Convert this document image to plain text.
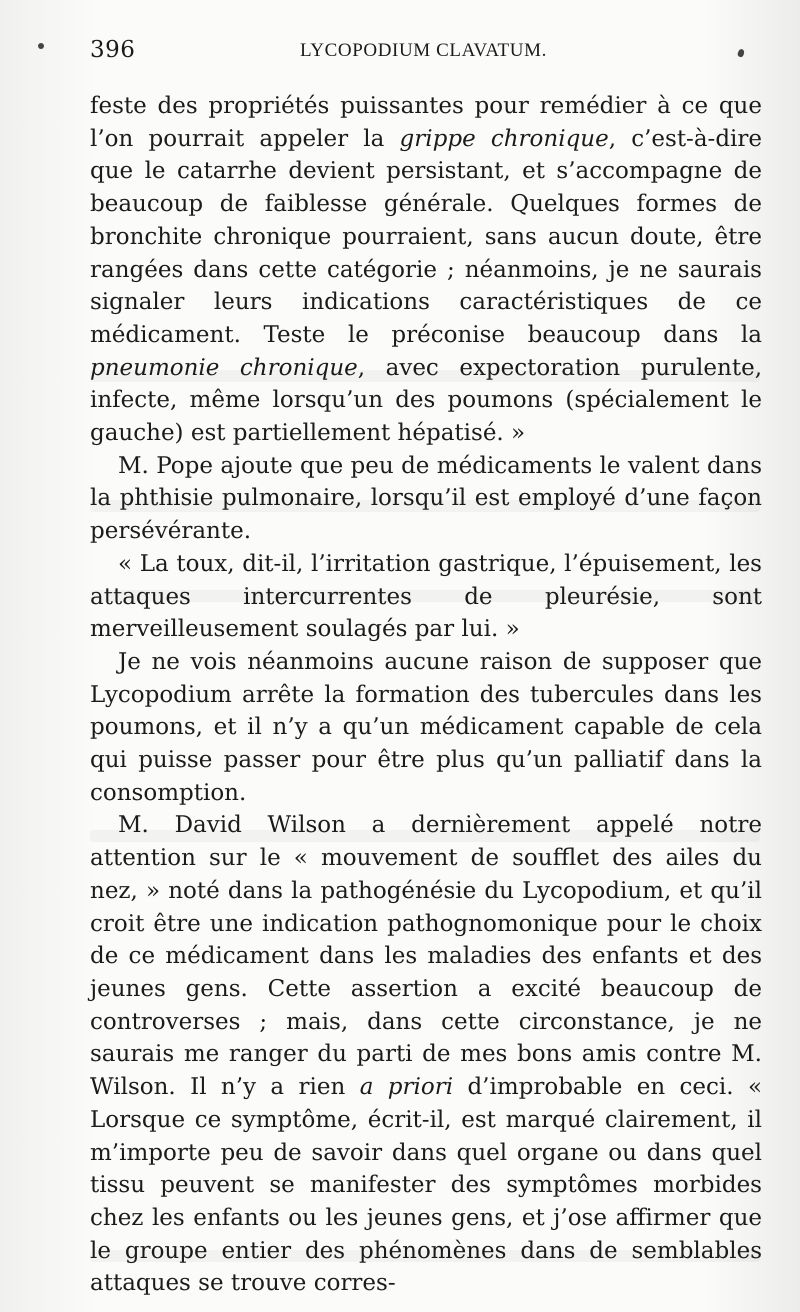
396	LYCOPODIUM CLAVATUM.

feste des propriétés puissantes pour remédier à ce que l’on pourrait appeler la grippe chronique, c’est-à-dire que le catarrhe devient persistant, et s’accompagne de beaucoup de faiblesse générale. Quelques formes de bronchite chronique pourraient, sans aucun doute, être rangées dans cette catégorie ; néanmoins, je ne saurais signaler leurs indications caractéristiques de ce médicament. Teste le préconise beaucoup dans la pneumonie chronique, avec expectoration purulente, infecte, même lorsqu’un des poumons (spécialement le gauche) est partiellement hépatisé. »

M. Pope ajoute que peu de médicaments le valent dans la phthisie pulmonaire, lorsqu’il est employé d’une façon persévérante.

« La toux, dit-il, l’irritation gastrique, l’épuisement, les attaques intercurrentes de pleurésie, sont merveilleusement soulagés par lui. »

Je ne vois néanmoins aucune raison de supposer que Lycopodium arrête la formation des tubercules dans les poumons, et il n’y a qu’un médicament capable de cela qui puisse passer pour être plus qu’un palliatif dans la consomption.

M. David Wilson a dernièrement appelé notre attention sur le « mouvement de soufflet des ailes du nez, » noté dans la pathogénésie du Lycopodium, et qu’il croit être une indication pathognomonique pour le choix de ce médicament dans les maladies des enfants et des jeunes gens. Cette assertion a excité beaucoup de controverses ; mais, dans cette circonstance, je ne saurais me ranger du parti de mes bons amis contre M. Wilson. Il n’y a rien a priori d’improbable en ceci. « Lorsque ce symptôme, écrit-il, est marqué clairement, il m’importe peu de savoir dans quel organe ou dans quel tissu peuvent se manifester des symptômes morbides chez les enfants ou les jeunes gens, et j’ose affirmer que le groupe entier des phénomènes dans de semblables attaques se trouve corres-
